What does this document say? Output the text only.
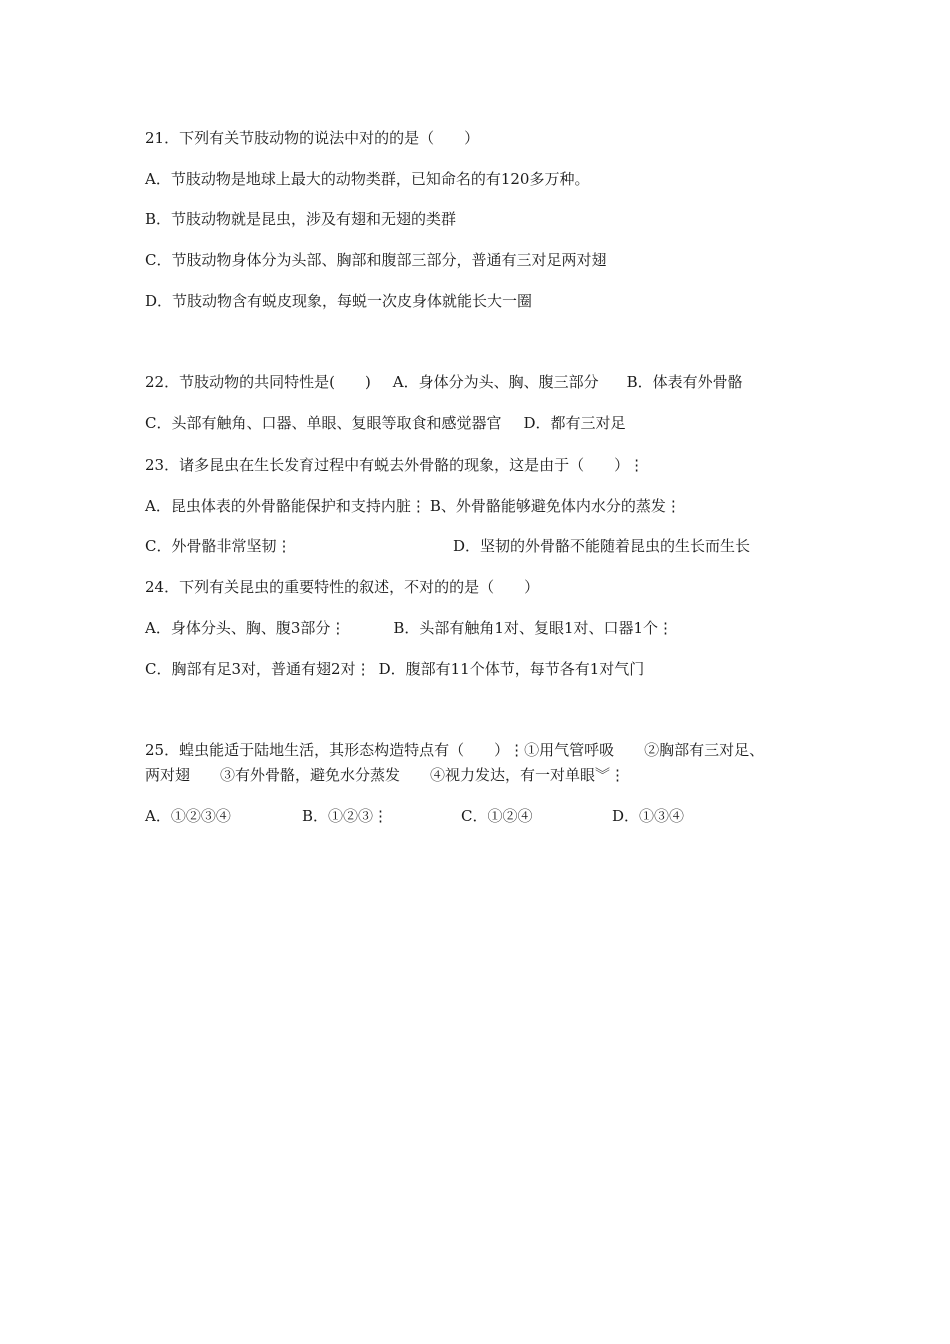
21．下列有关节肢动物的说法中对的的是（　　）
A．节肢动物是地球上最大的动物类群，已知命名的有120多万种。
B．节肢动物就是昆虫，涉及有翅和无翅的类群
C．节肢动物身体分为头部、胸部和腹部三部分，普通有三对足两对翅
D．节肢动物含有蜕皮现象，每蜕一次皮身体就能长大一圈
22．节肢动物的共同特性是(　　) A．身体分为头、胸、腹三部分 B．体表有外骨骼
C．头部有触角、口器、单眼、复眼等取食和感觉器官 D．都有三对足
23．诸多昆虫在生长发育过程中有蜕去外骨骼的现象，这是由于（　　）⋮
A．昆虫体表的外骨骼能保护和支持内脏⋮ B、外骨骼能够避免体内水分的蒸发⋮
C．外骨骼非常坚韧⋮	D．坚韧的外骨骼不能随着昆虫的生长而生长
24．下列有关昆虫的重要特性的叙述，不对的的是（　　）
A．身体分头、胸、腹3部分⋮	B．头部有触角1对、复眼1对、口器1个⋮
C．胸部有足3对，普通有翅2对⋮ D．腹部有11个体节，每节各有1对气门
25．蝗虫能适于陆地生活，其形态构造特点有（　　）⋮①用气管呼吸　　②胸部有三对足、
两对翅　　③有外骨骼，避免水分蒸发　　④视力发达，有一对单眼︾⋮
A．①②③④	B．①②③⋮	C．①②④	D．①③④
